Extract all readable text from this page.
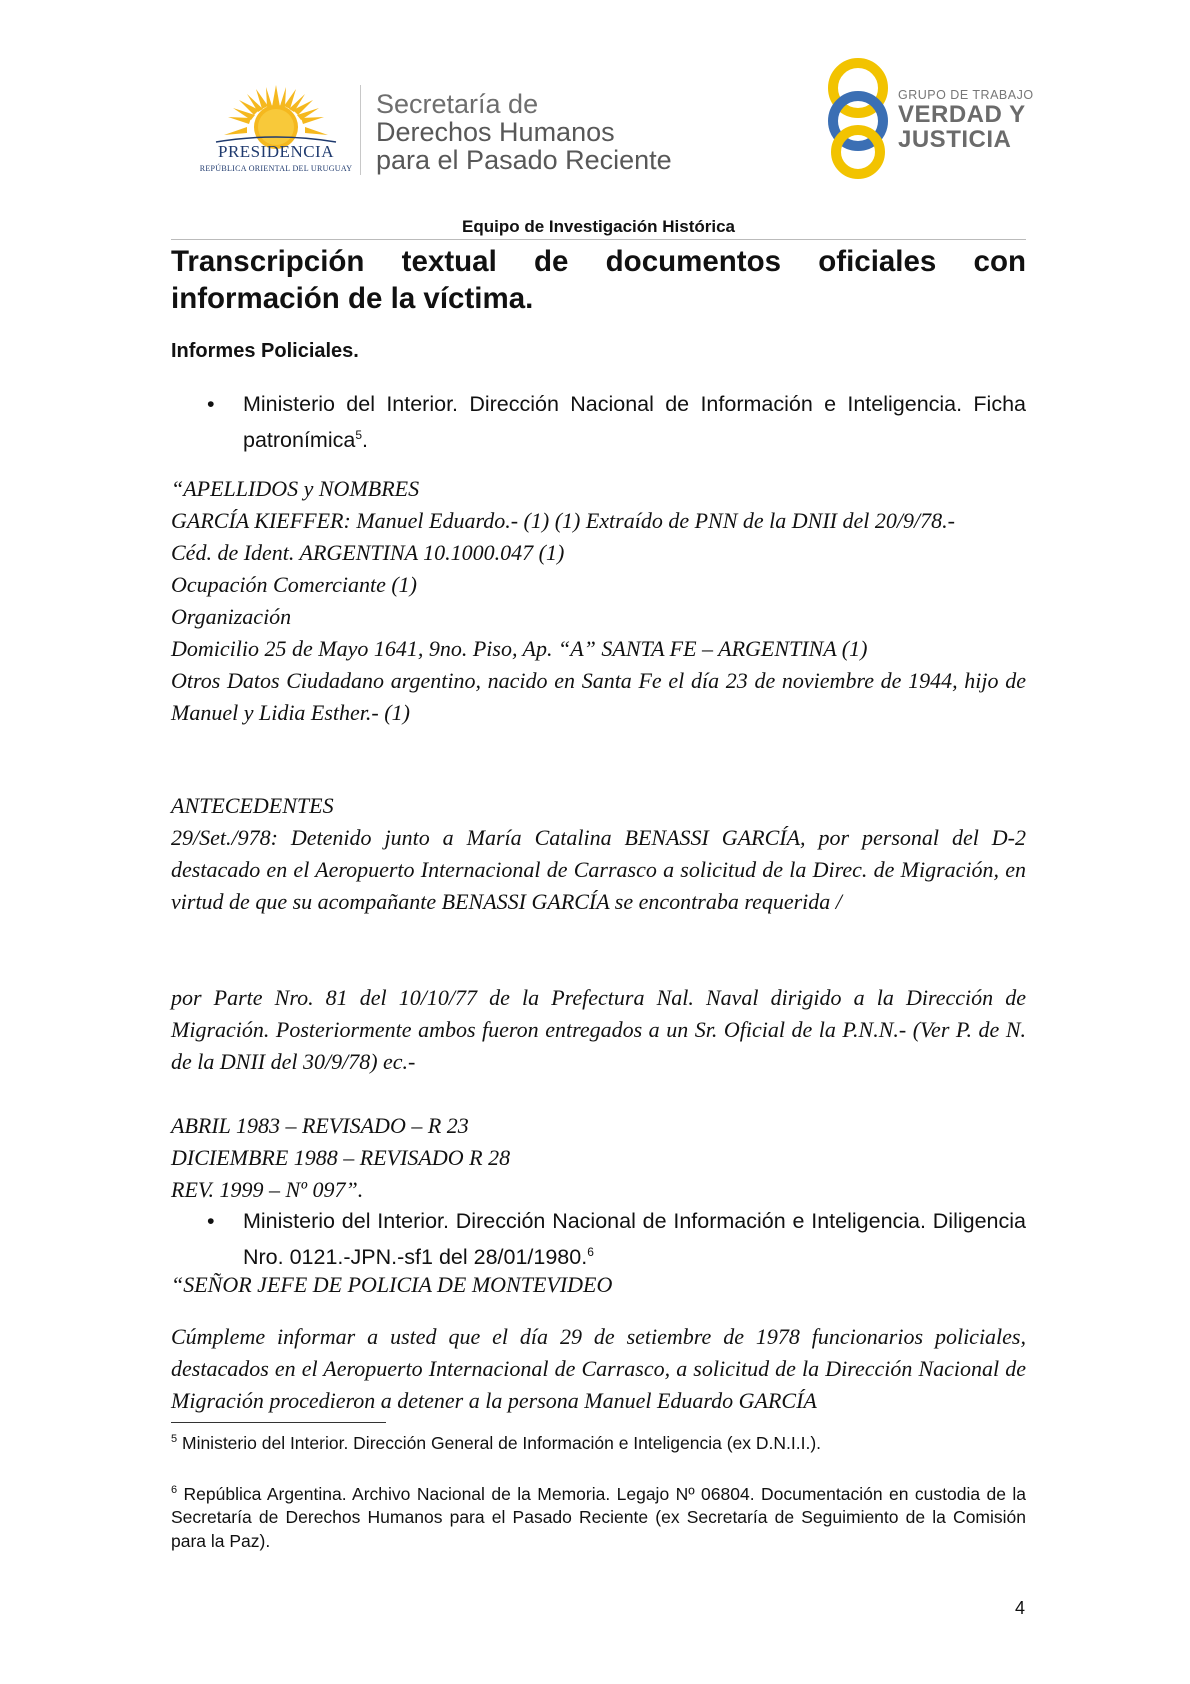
PRESIDENCIA
REPÚBLICA ORIENTAL DEL URUGUAY
Secretaría de
Derechos Humanos
para el Pasado Reciente
GRUPO DE TRABAJO
VERDAD Y
JUSTICIA
Equipo de Investigación Histórica
Transcripción textual de documentos oficiales con información de la víctima.
Informes Policiales.
• Ministerio del Interior. Dirección Nacional de Información e Inteligencia. Ficha patronímica$^5$.
“APELLIDOS y NOMBRES
GARCÍA KIEFFER: Manuel Eduardo.- (1) (1) Extraído de PNN de la DNII del 20/9/78.-
Céd. de Ident. ARGENTINA 10.1000.047 (1)
Ocupación Comerciante (1)
Organización
Domicilio 25 de Mayo 1641, 9no. Piso, Ap. “A” SANTA FE – ARGENTINA (1)
Otros Datos Ciudadano argentino, nacido en Santa Fe el día 23 de noviembre de 1944, hijo de Manuel y Lidia Esther.- (1)
ANTECEDENTES
29/Set./978: Detenido junto a María Catalina BENASSI GARCÍA, por personal del D-2 destacado en el Aeropuerto Internacional de Carrasco a solicitud de la Direc. de Migración, en virtud de que su acompañante BENASSI GARCÍA se encontraba requerida /
por Parte Nro. 81 del 10/10/77 de la Prefectura Nal. Naval dirigido a la Dirección de Migración. Posteriormente ambos fueron entregados a un Sr. Oficial de la P.N.N.- (Ver P. de N. de la DNII del 30/9/78) ec.-
ABRIL 1983 – REVISADO – R 23
DICIEMBRE 1988 – REVISADO R 28
REV. 1999 – Nº 097”.
• Ministerio del Interior. Dirección Nacional de Información e Inteligencia. Diligencia Nro. 0121.-JPN.-sf1 del 28/01/1980.$^6$
“SEÑOR JEFE DE POLICIA DE MONTEVIDEO
Cúmpleme informar a usted que el día 29 de setiembre de 1978 funcionarios policiales, destacados en el Aeropuerto Internacional de Carrasco, a solicitud de la Dirección Nacional de Migración procedieron a detener a la persona Manuel Eduardo GARCÍA
$^5$ Ministerio del Interior. Dirección General de Información e Inteligencia (ex D.N.I.I.).
$^6$ República Argentina. Archivo Nacional de la Memoria. Legajo Nº 06804. Documentación en custodia de la Secretaría de Derechos Humanos para el Pasado Reciente (ex Secretaría de Seguimiento de la Comisión para la Paz).
4
